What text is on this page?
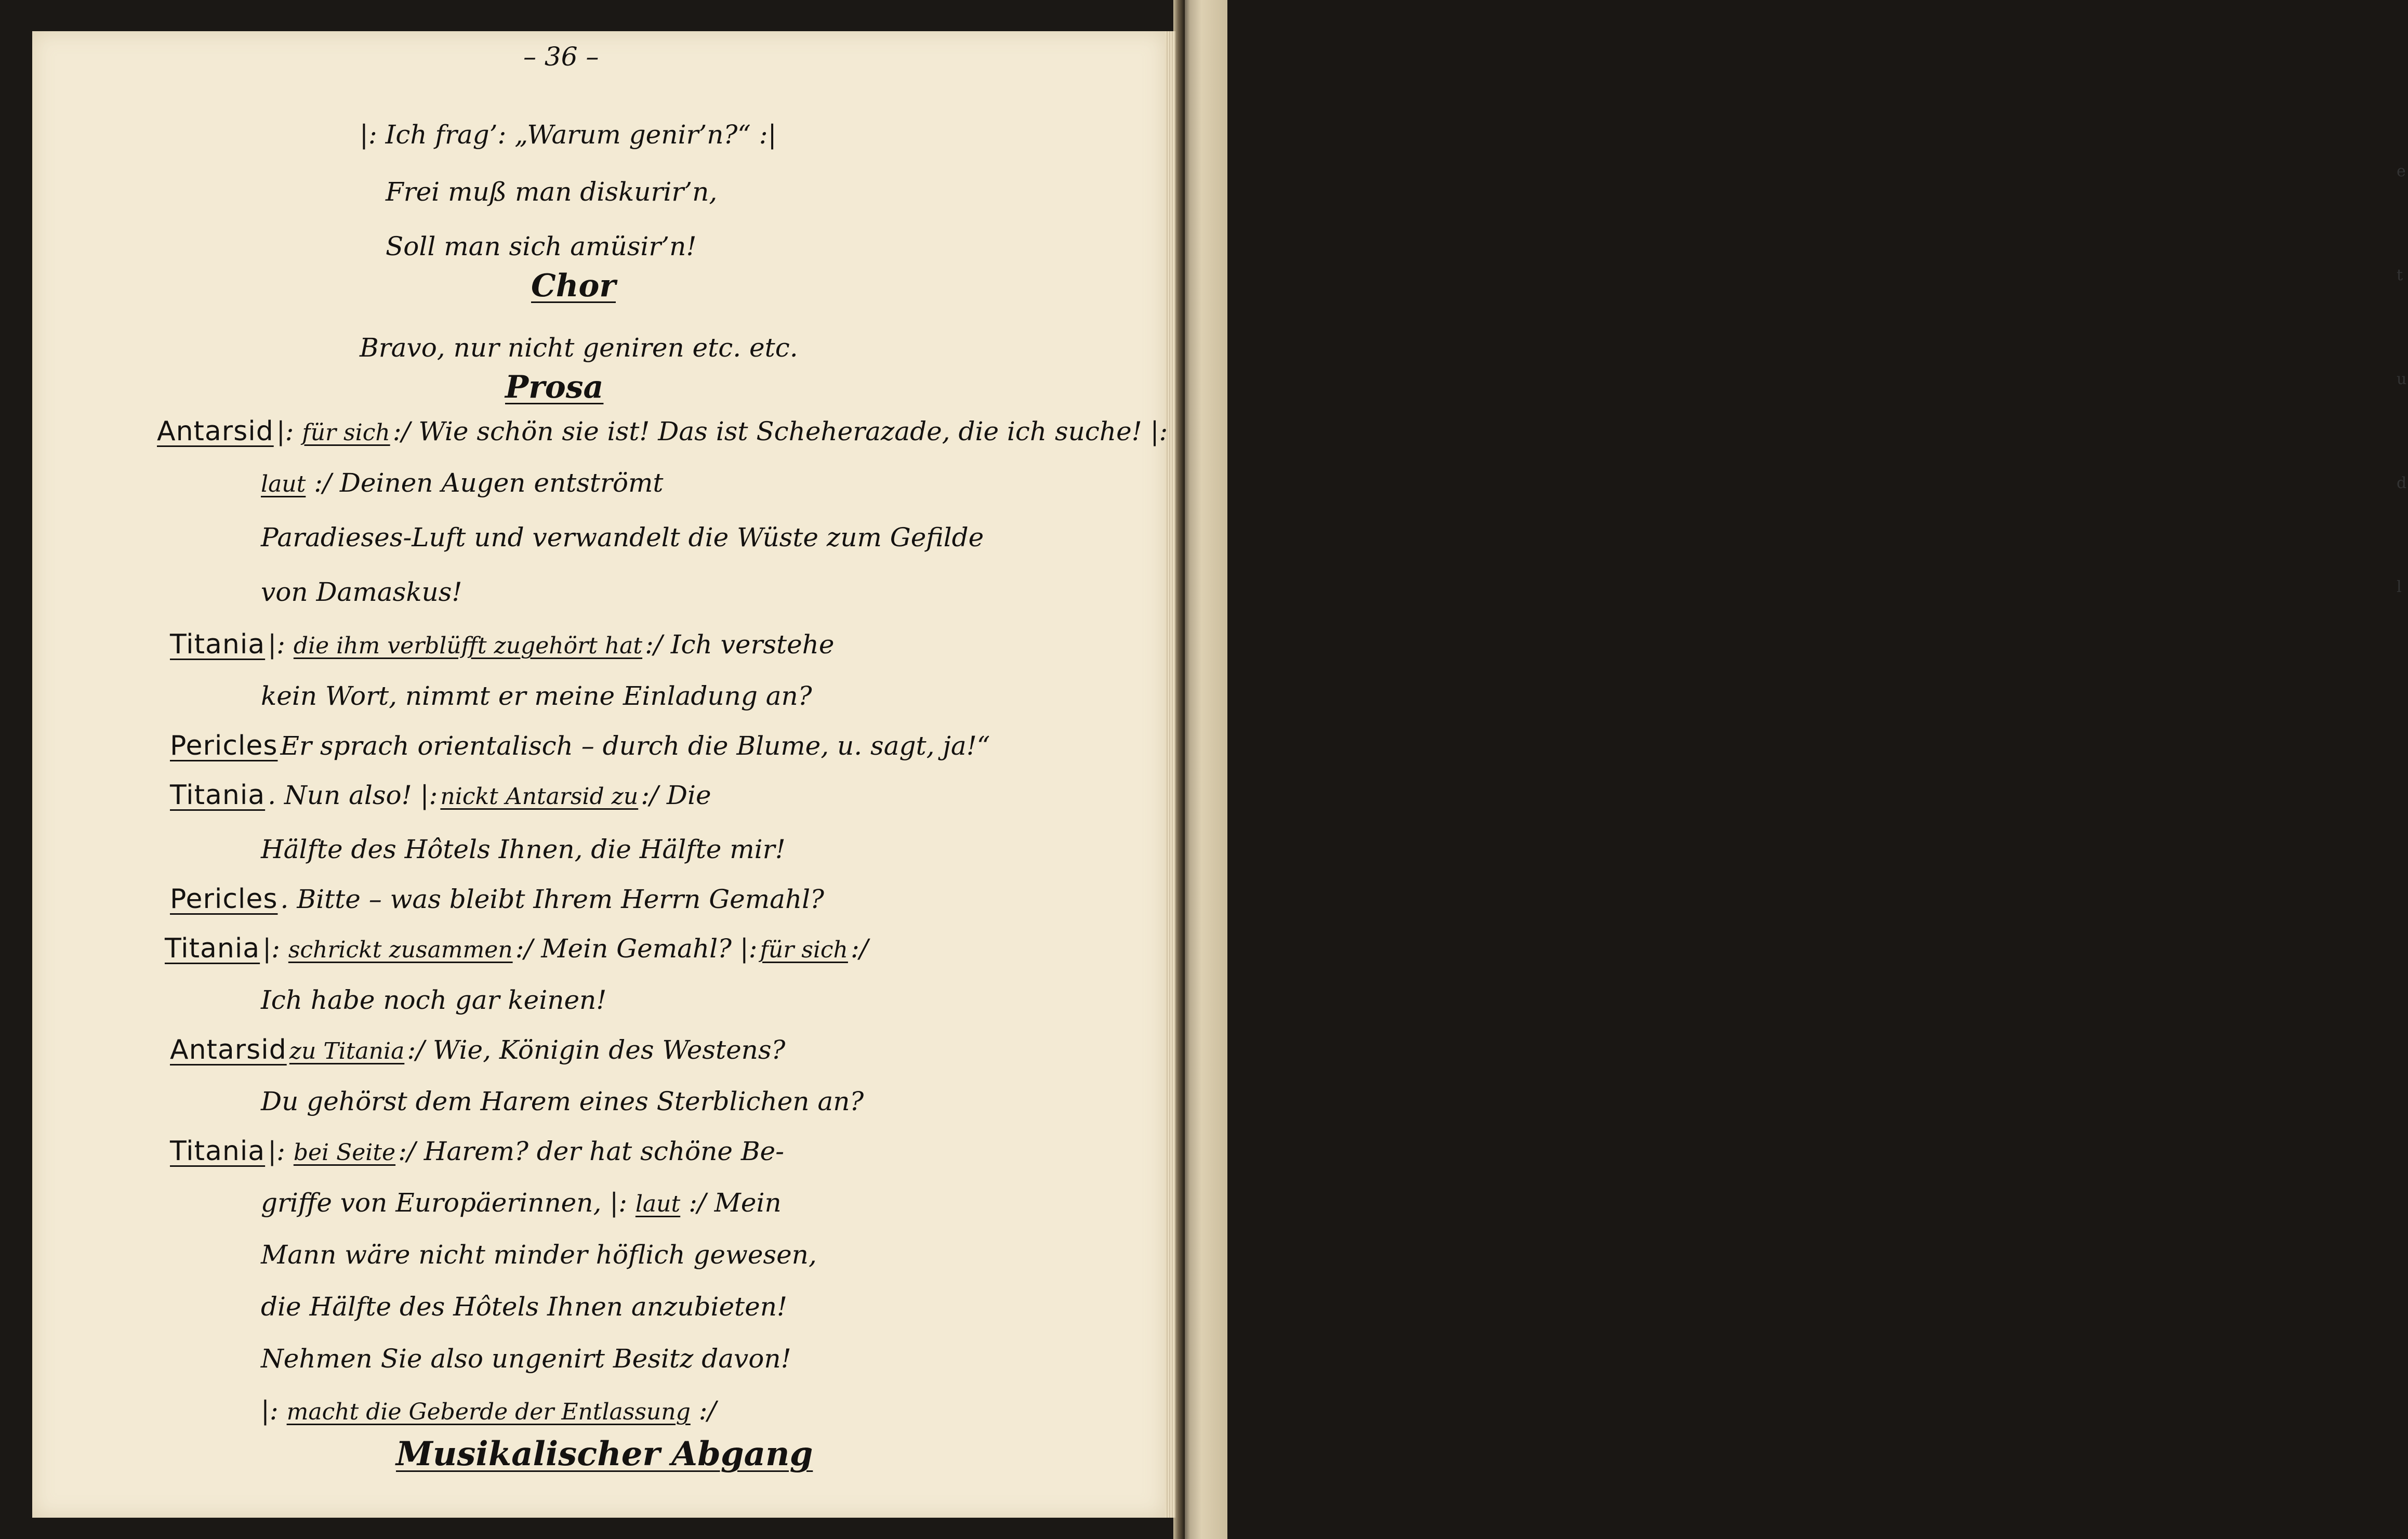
e
t
u
d
l
– 36 –
|: Ich frag’: „Warum genir’n?“ :|
Frei muß man diskurir’n,
Soll man sich amüsir’n!
Chor
Bravo, nur nicht geniren etc. etc.
Prosa
Antarsid |: für sich :/ Wie schön sie ist! Das ist Scheherazade, die ich suche! |:
laut :/ Deinen Augen entströmt
Paradieses-Luft und verwandelt die Wüste zum Gefilde
von Damaskus!
Titania |: die ihm verblüfft zugehört hat :/ Ich verstehe
kein Wort, nimmt er meine Einladung an?
Pericles Er sprach orientalisch – durch die Blume, u. sagt, ja!“
Titania . Nun also! |: nickt Antarsid zu :/ Die
Hälfte des Hôtels Ihnen, die Hälfte mir!
Pericles . Bitte – was bleibt Ihrem Herrn Gemahl?
Titania |: schrickt zusammen :/ Mein Gemahl? |: für sich :/
Ich habe noch gar keinen!
Antarsid zu Titania :/ Wie, Königin des Westens?
Du gehörst dem Harem eines Sterblichen an?
Titania |: bei Seite :/ Harem? der hat schöne Be-
griffe von Europäerinnen, |: laut :/ Mein
Mann wäre nicht minder höflich gewesen,
die Hälfte des Hôtels Ihnen anzubieten!
Nehmen Sie also ungenirt Besitz davon!
|: macht die Geberde der Entlassung :/
Musikalischer Abgang
